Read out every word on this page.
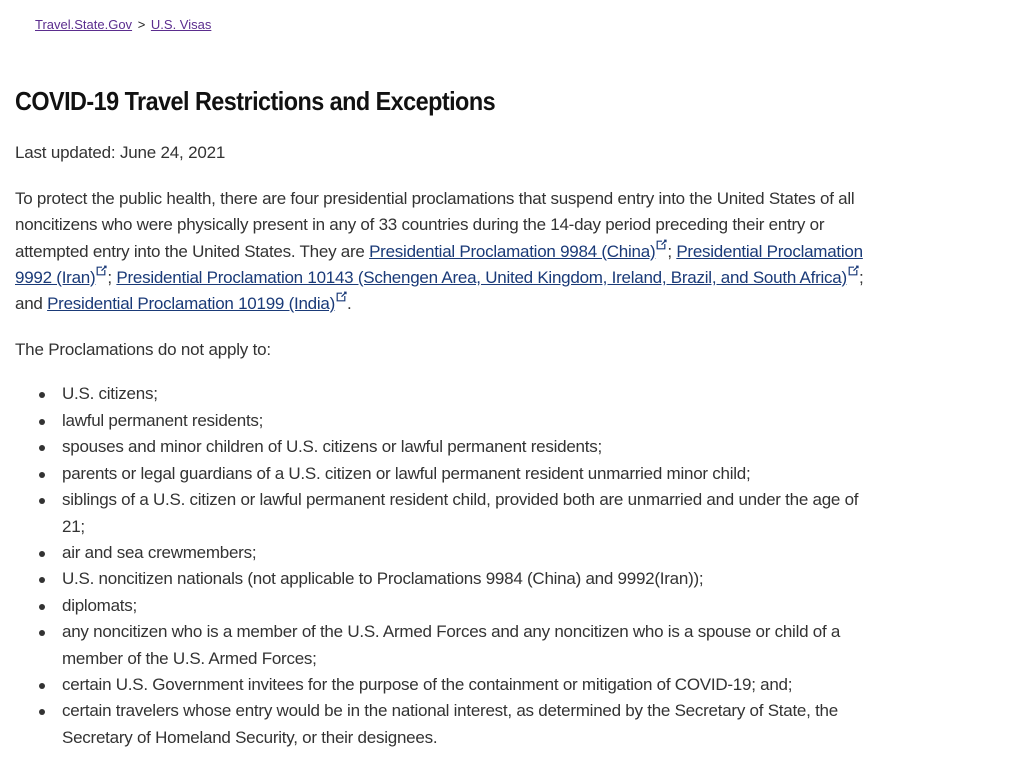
Travel.State.Gov > U.S. Visas
COVID-19 Travel Restrictions and Exceptions

Last updated: June 24, 2021

To protect the public health, there are four presidential proclamations that suspend entry into the United States of all noncitizens who were physically present in any of 33 countries during the 14-day period preceding their entry or attempted entry into the United States. They are Presidential Proclamation 9984 (China) ; Presidential Proclamation 9992 (Iran) ; Presidential Proclamation 10143 (Schengen Area, United Kingdom, Ireland, Brazil, and South Africa) ; and Presidential Proclamation 10199 (India) .

The Proclamations do not apply to:

U.S. citizens;
lawful permanent residents;
spouses and minor children of U.S. citizens or lawful permanent residents;
parents or legal guardians of a U.S. citizen or lawful permanent resident unmarried minor child;
siblings of a U.S. citizen or lawful permanent resident child, provided both are unmarried and under the age of 21;
air and sea crewmembers;
U.S. noncitizen nationals (not applicable to Proclamations 9984 (China) and 9992(Iran));
diplomats;
any noncitizen who is a member of the U.S. Armed Forces and any noncitizen who is a spouse or child of a member of the U.S. Armed Forces;
certain U.S. Government invitees for the purpose of the containment or mitigation of COVID-19; and;
certain travelers whose entry would be in the national interest, as determined by the Secretary of State, the Secretary of Homeland Security, or their designees.
